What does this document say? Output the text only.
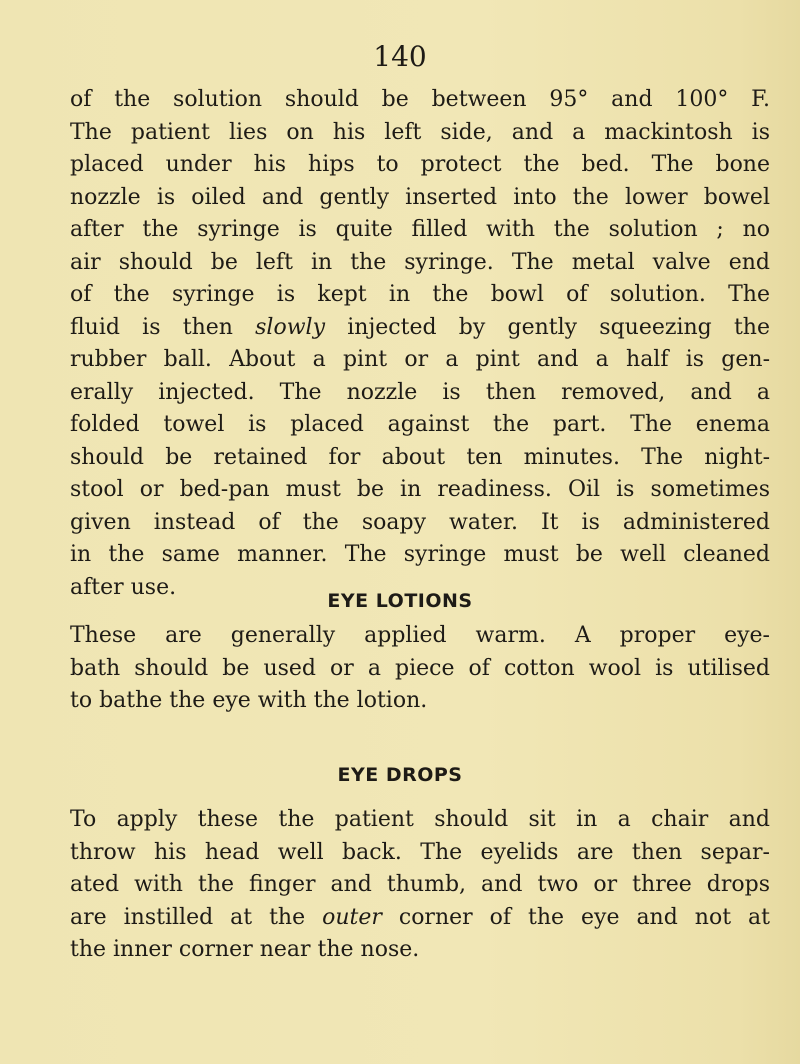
140

of the solution should be between 95° and 100° F.
The patient lies on his left side, and a mackintosh is
placed under his hips to protect the bed. The bone
nozzle is oiled and gently inserted into the lower bowel
after the syringe is quite filled with the solution ; no
air should be left in the syringe. The metal valve end
of the syringe is kept in the bowl of solution. The
fluid is then slowly injected by gently squeezing the
rubber ball. About a pint or a pint and a half is gen-
erally injected. The nozzle is then removed, and a
folded towel is placed against the part. The enema
should be retained for about ten minutes. The night-
stool or bed-pan must be in readiness. Oil is sometimes
given instead of the soapy water. It is administered
in the same manner. The syringe must be well cleaned
after use.
EYE LOTIONS
These are generally applied warm. A proper eye-
bath should be used or a piece of cotton wool is utilised
to bathe the eye with the lotion.
EYE DROPS
To apply these the patient should sit in a chair and
throw his head well back. The eyelids are then separ-
ated with the finger and thumb, and two or three drops
are instilled at the outer corner of the eye and not at
the inner corner near the nose.
